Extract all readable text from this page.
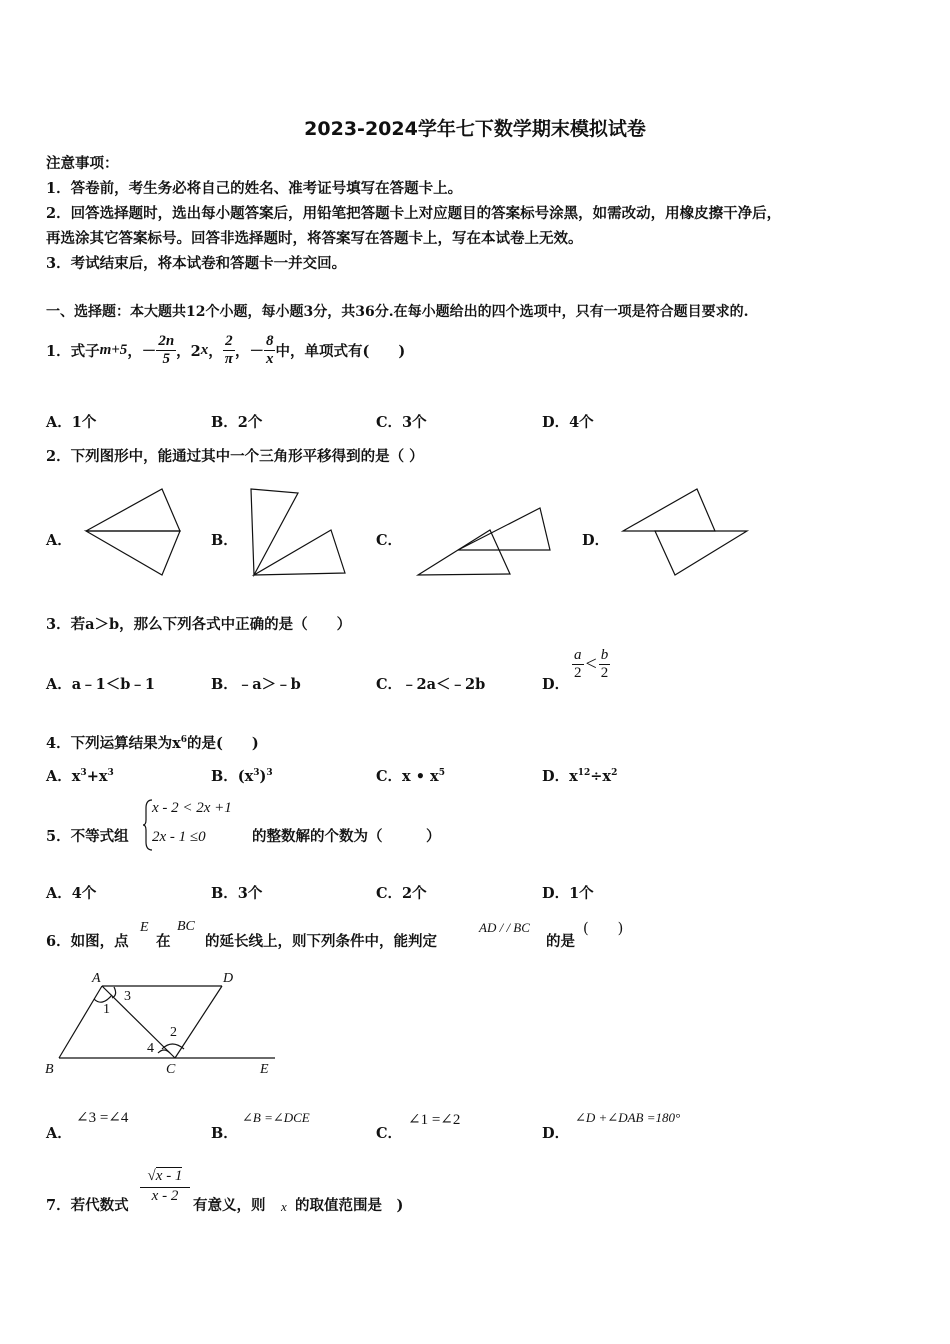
2023-2024学年七下数学期末模拟试卷
注意事项：
1．答卷前，考生务必将自己的姓名、准考证号填写在答题卡上。
2．回答选择题时，选出每小题答案后，用铅笔把答题卡上对应题目的答案标号涂黑，如需改动，用橡皮擦干净后，
再选涂其它答案标号。回答非选择题时，将答案写在答题卡上，写在本试卷上无效。
3．考试结束后，将本试卷和答题卡一并交回。
一、选择题：本大题共12个小题，每小题3分，共36分.在每小题给出的四个选项中，只有一项是符合题目要求的.
1．式子 m+5 ，－ $\frac{2n}{5}$ ，2 x ， $\frac{2}{\pi}$ ，－ $\frac{8}{x}$ 中，单项式有(　　)
A．1个	B．2个	C．3个	D．4个
2．下列图形中，能通过其中一个三角形平移得到的是（ ）
A．	B．	C．	D．
3．若a＞b，那么下列各式中正确的是（　　）
A．a﹣1＜b﹣1	B．﹣a＞﹣b	C．﹣2a＜﹣2b	D．
$\frac{a}{2} < \frac{b}{2}$
4．下列运算结果为$x^6$的是(　　)
A．$x^3+x^3$	B．$(x^3)^3$	C．x • $x^5$	D．$x^{12}\div x^2$
5．不等式组
x - 2 < 2x +1
2x - 1 ≤0	的整数解的个数为（　　　）
A．4个	B．3个	C．2个	D．1个
6．如图，点
E
在
BC
的延长线上，则下列条件中，能判定
AD / / BC
的是
(　　)
A	D
B	C	E
1
3
2
4
A．
∠3 =∠4
B．
∠B =∠DCE
C．
∠1 =∠2
D．
∠D +∠DAB =180°
7．若代数式
√x - 1
x - 2
有意义，则 x 的取值范围是　)
